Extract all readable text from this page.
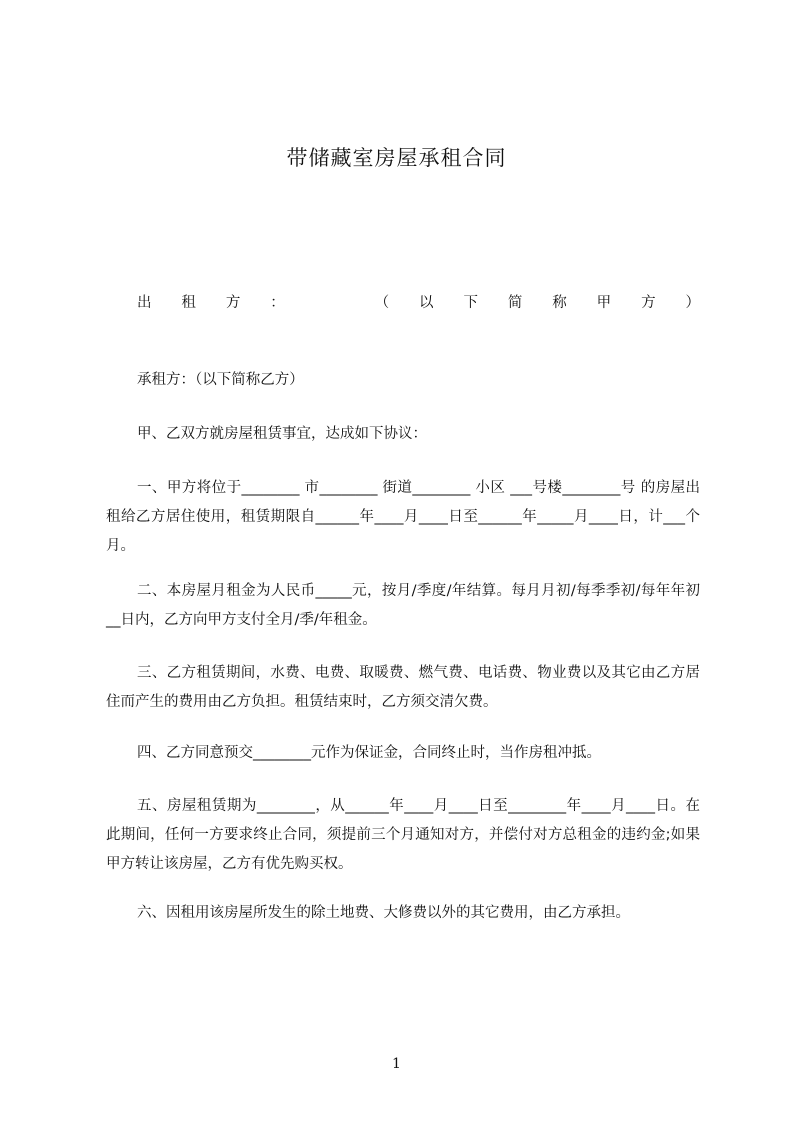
带储藏室房屋承租合同
出 租 方 ：	（ 以 下 简 称 甲 方 ）

承租方：（以下简称乙方）

甲、乙双方就房屋租赁事宜，达成如下协议：

一、甲方将位于________ 市________ 街道________ 小区 ___号楼________号 的房屋出租给乙方居住使用，租赁期限自______年____月____日至______年_____月____日，计___个月。

二、本房屋月租金为人民币_____元，按月/季度/年结算。每月月初/每季季初/每年年初__日内，乙方向甲方支付全月/季/年租金。

三、乙方租赁期间，水费、电费、取暖费、燃气费、电话费、物业费以及其它由乙方居住而产生的费用由乙方负担。租赁结束时，乙方须交清欠费。

四、乙方同意预交________元作为保证金，合同终止时，当作房租冲抵。

五、房屋租赁期为________，从______年____月____日至________年____月____日。在此期间，任何一方要求终止合同，须提前三个月通知对方，并偿付对方总租金的违约金;如果甲方转让该房屋，乙方有优先购买权。

六、因租用该房屋所发生的除土地费、大修费以外的其它费用，由乙方承担。

1
